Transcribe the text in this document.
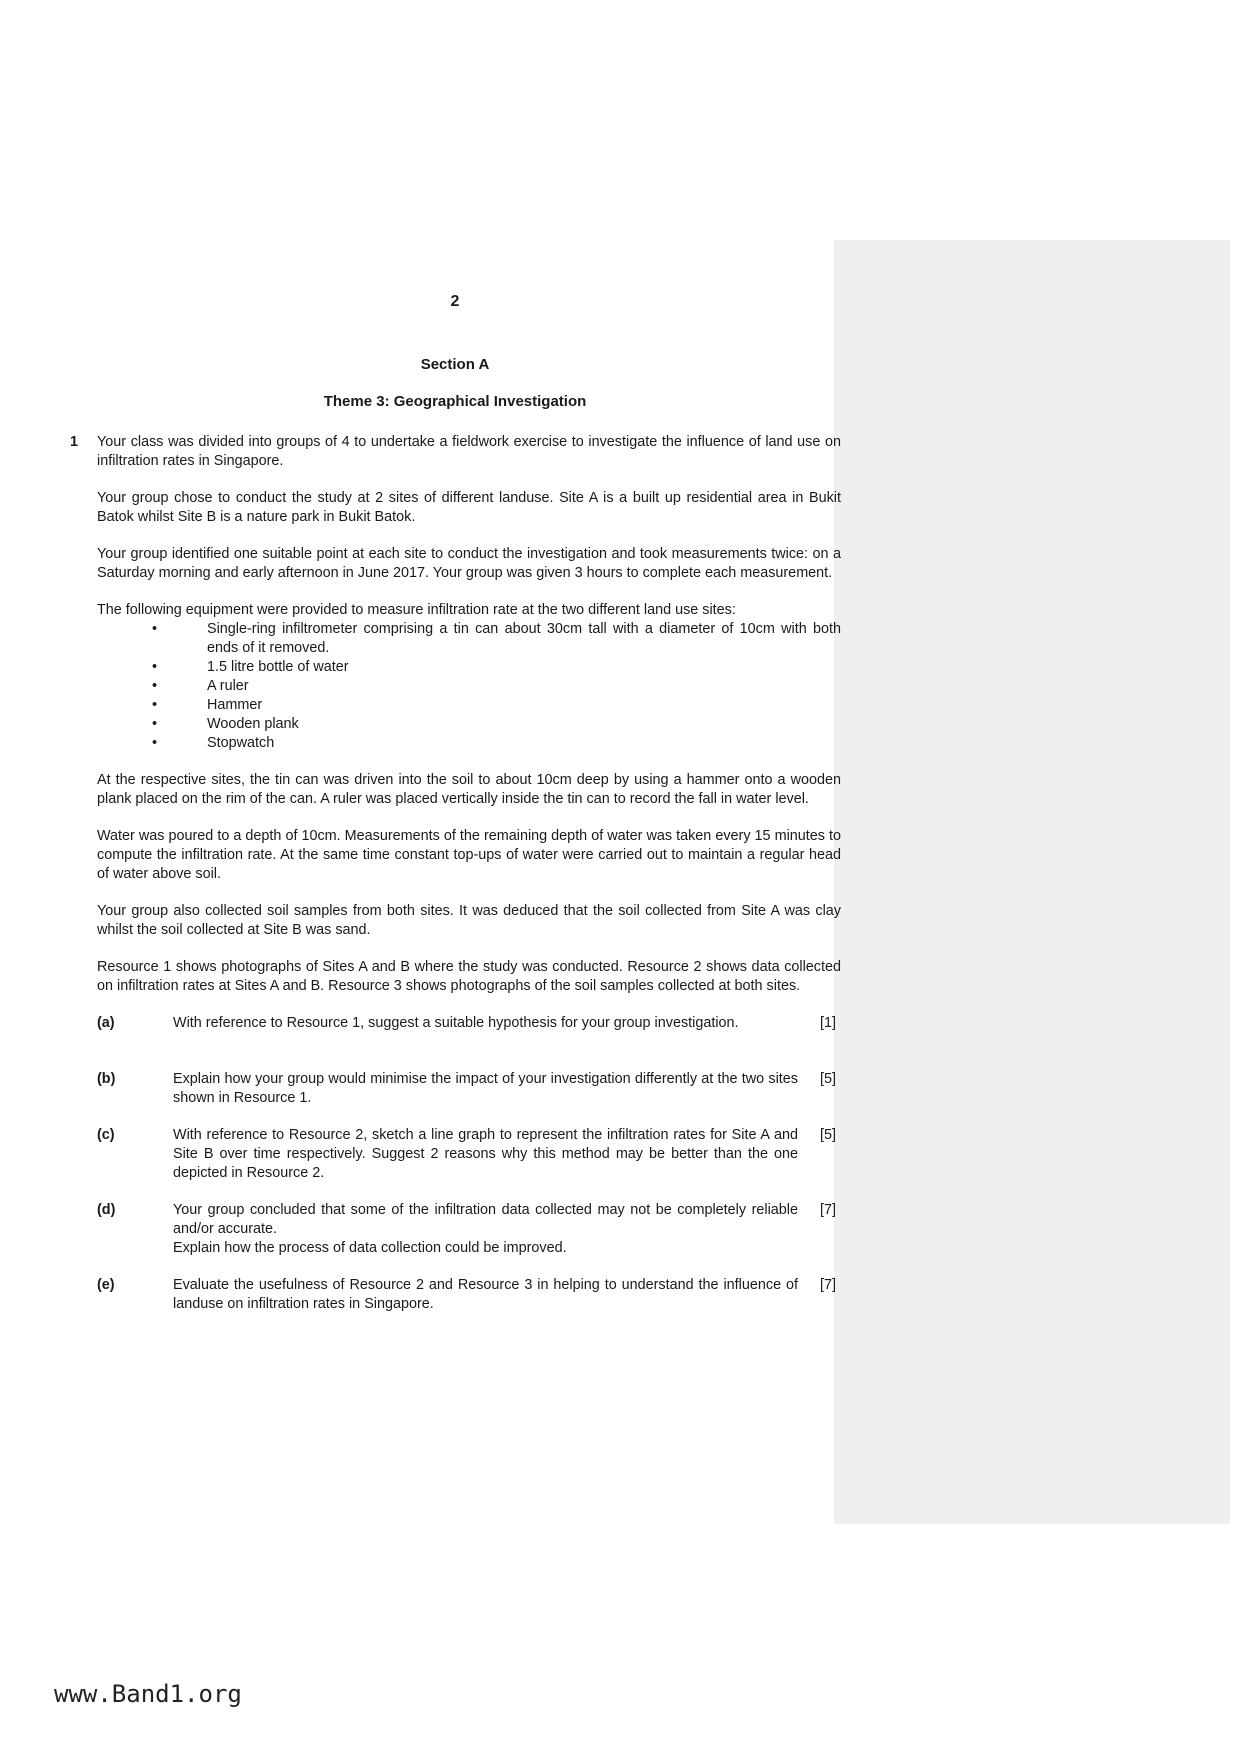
2
Section A
Theme 3: Geographical Investigation
1 Your class was divided into groups of 4 to undertake a fieldwork exercise to investigate the influence of land use on infiltration rates in Singapore.

Your group chose to conduct the study at 2 sites of different landuse. Site A is a built up residential area in Bukit Batok whilst Site B is a nature park in Bukit Batok.

Your group identified one suitable point at each site to conduct the investigation and took measurements twice: on a Saturday morning and early afternoon in June 2017. Your group was given 3 hours to complete each measurement.

The following equipment were provided to measure infiltration rate at the two different land use sites:

•	Single-ring infiltrometer comprising a tin can about 30cm tall with a diameter of 10cm with both ends of it removed.
•	1.5 litre bottle of water
•	A ruler
•	Hammer
•	Wooden plank
•	Stopwatch

At the respective sites, the tin can was driven into the soil to about 10cm deep by using a hammer onto a wooden plank placed on the rim of the can. A ruler was placed vertically inside the tin can to record the fall in water level.

Water was poured to a depth of 10cm. Measurements of the remaining depth of water was taken every 15 minutes to compute the infiltration rate. At the same time constant top-ups of water were carried out to maintain a regular head of water above soil.

Your group also collected soil samples from both sites. It was deduced that the soil collected from Site A was clay whilst the soil collected at Site B was sand.

Resource 1 shows photographs of Sites A and B where the study was conducted. Resource 2 shows data collected on infiltration rates at Sites A and B. Resource 3 shows photographs of the soil samples collected at both sites.

(a)	With reference to Resource 1, suggest a suitable hypothesis for your group investigation.	[1]
(b)	Explain how your group would minimise the impact of your investigation differently at the two sites shown in Resource 1.
[5]
(c)	With reference to Resource 2, sketch a line graph to represent the infiltration rates for Site A and Site B over time respectively. Suggest 2 reasons why this method may be better than the one depicted in Resource 2.
[5]
(d)	Your group concluded that some of the infiltration data collected may not be completely reliable and/or accurate.
Explain how the process of data collection could be improved.
[7]
(e)	Evaluate the usefulness of Resource 2 and Resource 3 in helping to understand the influence of landuse on infiltration rates in Singapore.
[7]
www.Band1.org
